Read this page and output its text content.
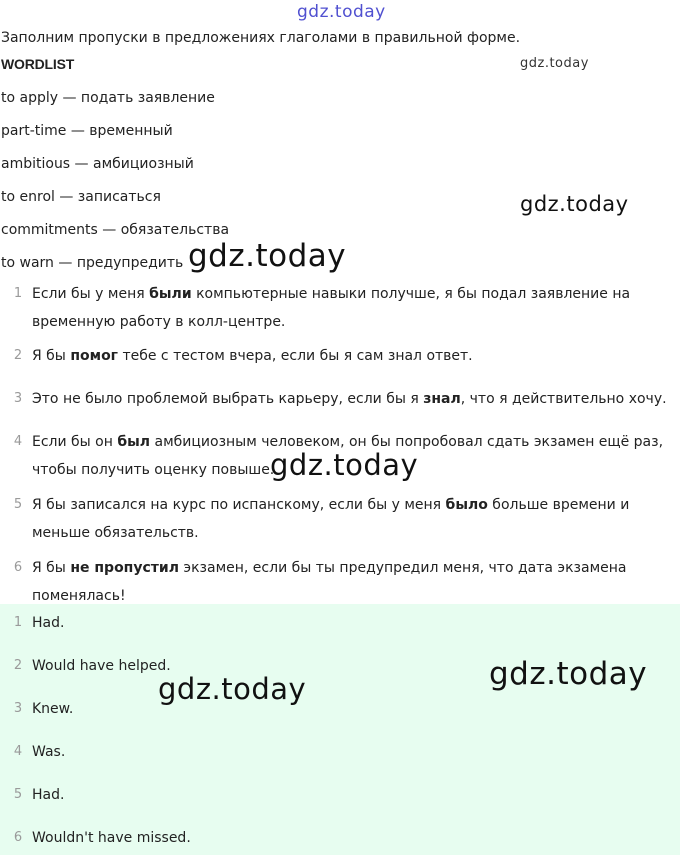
gdz.today
Заполним пропуски в предложениях глаголами в правильной форме.
WORDLIST
to apply — подать заявление
part-time — временный
ambitious — амбициозный
to enrol — записаться
commitments — обязательства
to warn — предупредить
1 Если бы у меня были компьютерные навыки получше, я бы подал заявление на временную работу в колл-центре.
2 Я бы помог тебе с тестом вчера, если бы я сам знал ответ.
3 Это не было проблемой выбрать карьеру, если бы я знал, что я действительно хочу.
4 Если бы он был амбициозным человеком, он бы попробовал сдать экзамен ещё раз, чтобы получить оценку повыше.
5 Я бы записался на курс по испанскому, если бы у меня было больше времени и меньше обязательств.
6 Я бы не пропустил экзамен, если бы ты предупредил меня, что дата экзамена поменялась!
1 Had.
2 Would have helped.
3 Knew.
4 Was.
5 Had.
6 Wouldn't have missed.
gdz.today
gdz.today
gdz.today
gdz.today
gdz.today
gdz.today
